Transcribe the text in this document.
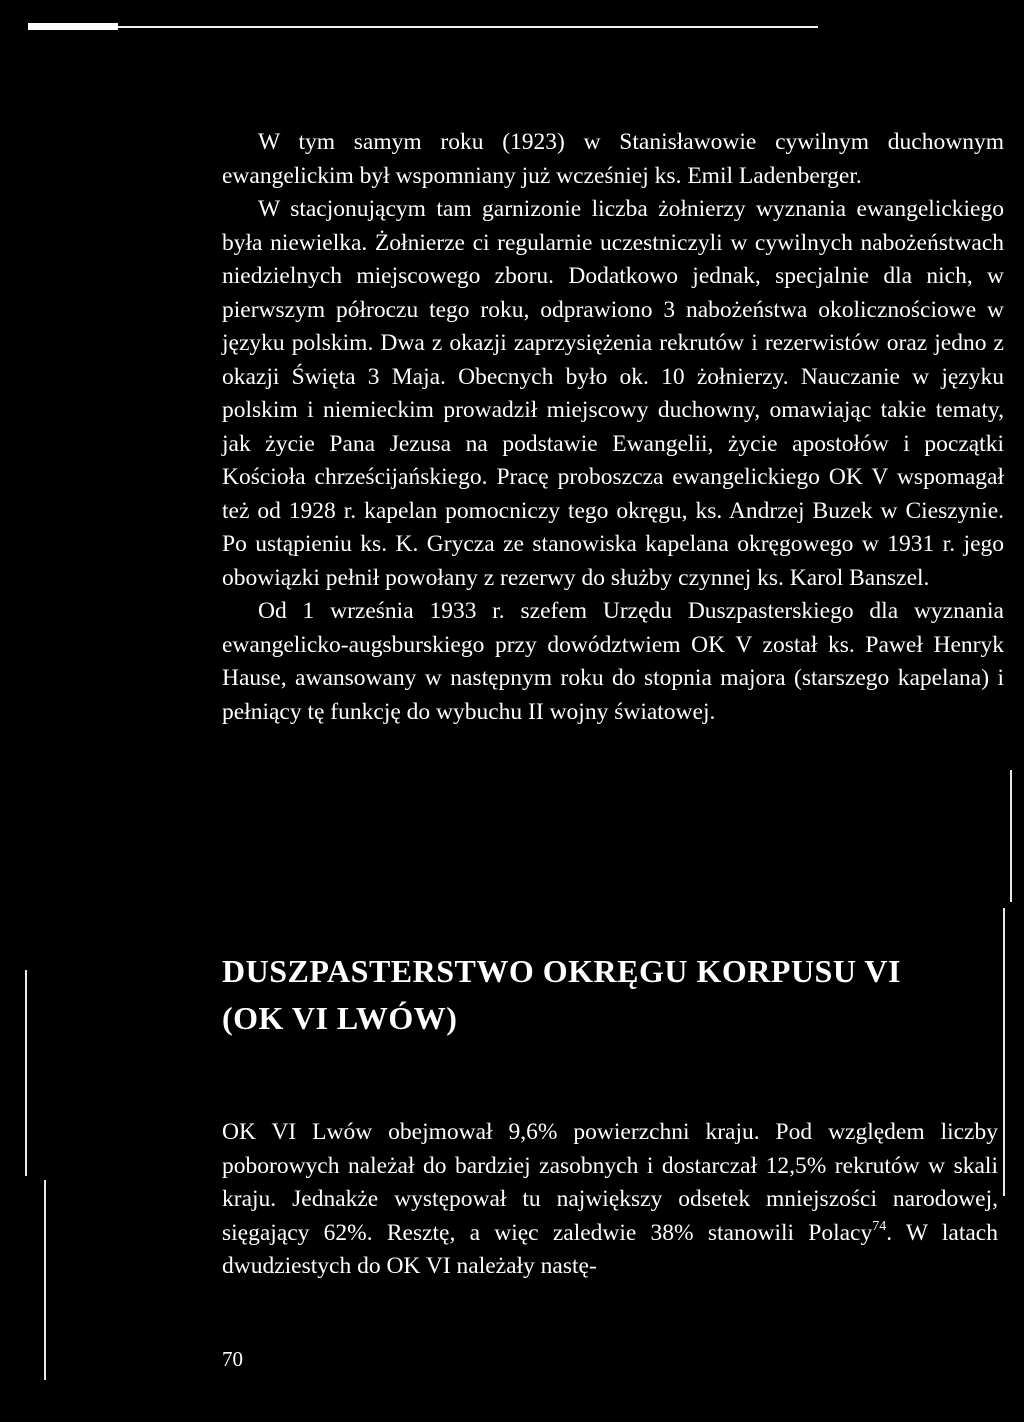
W tym samym roku (1923) w Stanisławowie cywilnym duchownym ewangelickim był wspomniany już wcześniej ks. Emil Ladenberger.

W stacjonującym tam garnizonie liczba żołnierzy wyznania ewangelickiego była niewielka. Żołnierze ci regularnie uczestniczyli w cywilnych nabożeństwach niedzielnych miejscowego zboru. Dodatkowo jednak, specjalnie dla nich, w pierwszym półroczu tego roku, odprawiono 3 nabożeństwa okolicznościowe w języku polskim. Dwa z okazji zaprzysiężenia rekrutów i rezerwistów oraz jedno z okazji Święta 3 Maja. Obecnych było ok. 10 żołnierzy. Nauczanie w języku polskim i niemieckim prowadził miejscowy duchowny, omawiając takie tematy, jak życie Pana Jezusa na podstawie Ewangelii, życie apostołów i początki Kościoła chrześcijańskiego. Pracę proboszcza ewangelickiego OK V wspomagał też od 1928 r. kapelan pomocniczy tego okręgu, ks. Andrzej Buzek w Cieszynie. Po ustąpieniu ks. K. Grycza ze stanowiska kapelana okręgowego w 1931 r. jego obowiązki pełnił powołany z rezerwy do służby czynnej ks. Karol Banszel.

Od 1 września 1933 r. szefem Urzędu Duszpasterskiego dla wyznania ewangelicko-augsburskiego przy dowództwiem OK V został ks. Paweł Henryk Hause, awansowany w następnym roku do stopnia majora (starszego kapelana) i pełniący tę funkcję do wybuchu II wojny światowej.

DUSZPASTERSTWO OKRĘGU KORPUSU VI
(OK VI LWÓW)

OK VI Lwów obejmował 9,6% powierzchni kraju. Pod względem liczby poborowych należał do bardziej zasobnych i dostarczał 12,5% rekrutów w skali kraju. Jednakże występował tu największy odsetek mniejszości narodowej, sięgający 62%. Resztę, a więc zaledwie 38% stanowili Polacy$^{74}$. W latach dwudziestych do OK VI należały nastę-

70
